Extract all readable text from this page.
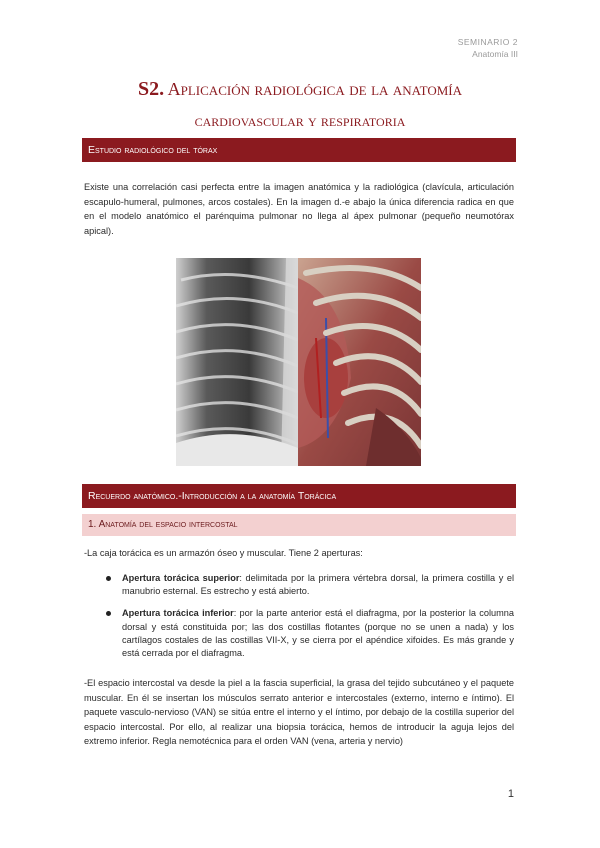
SEMINARIO 2
Anatomía III
S2. Aplicación radiológica de la anatomía
cardiovascular y respiratoria
Estudio radiológico del tórax
Existe una correlación casi perfecta entre la imagen anatómica y la radiológica (clavícula, articulación escapulo-humeral, pulmones, arcos costales). En la imagen d.-e abajo la única diferencia radica en que en el modelo anatómico el parénquima pulmonar no llega al ápex pulmonar (pequeño neumotórax apical).
Recuerdo anatómico.-Introducción a la anatomía Torácica
1. Anatomía del espacio intercostal
-La caja torácica es un armazón óseo y muscular. Tiene 2 aperturas:
Apertura torácica superior: delimitada por la primera vértebra dorsal, la primera costilla y el manubrio esternal. Es estrecho y está abierto.
Apertura torácica inferior: por la parte anterior está el diafragma, por la posterior la columna dorsal y está constituida por; las dos costillas flotantes (porque no se unen a nada) y los cartílagos costales de las costillas VII-X, y se cierra por el apéndice xifoides. Es más grande y está cerrada por el diafragma.
-El espacio intercostal va desde la piel a la fascia superficial, la grasa del tejido subcutáneo y el paquete muscular. En él se insertan los músculos serrato anterior e intercostales (externo, interno e íntimo). El paquete vasculo-nervioso (VAN) se sitúa entre el interno y el íntimo, por debajo de la costilla superior del espacio intercostal. Por ello, al realizar una biopsia torácica, hemos de introducir la aguja lejos del extremo inferior. Regla nemotécnica para el orden VAN (vena, arteria y nervio)
1
